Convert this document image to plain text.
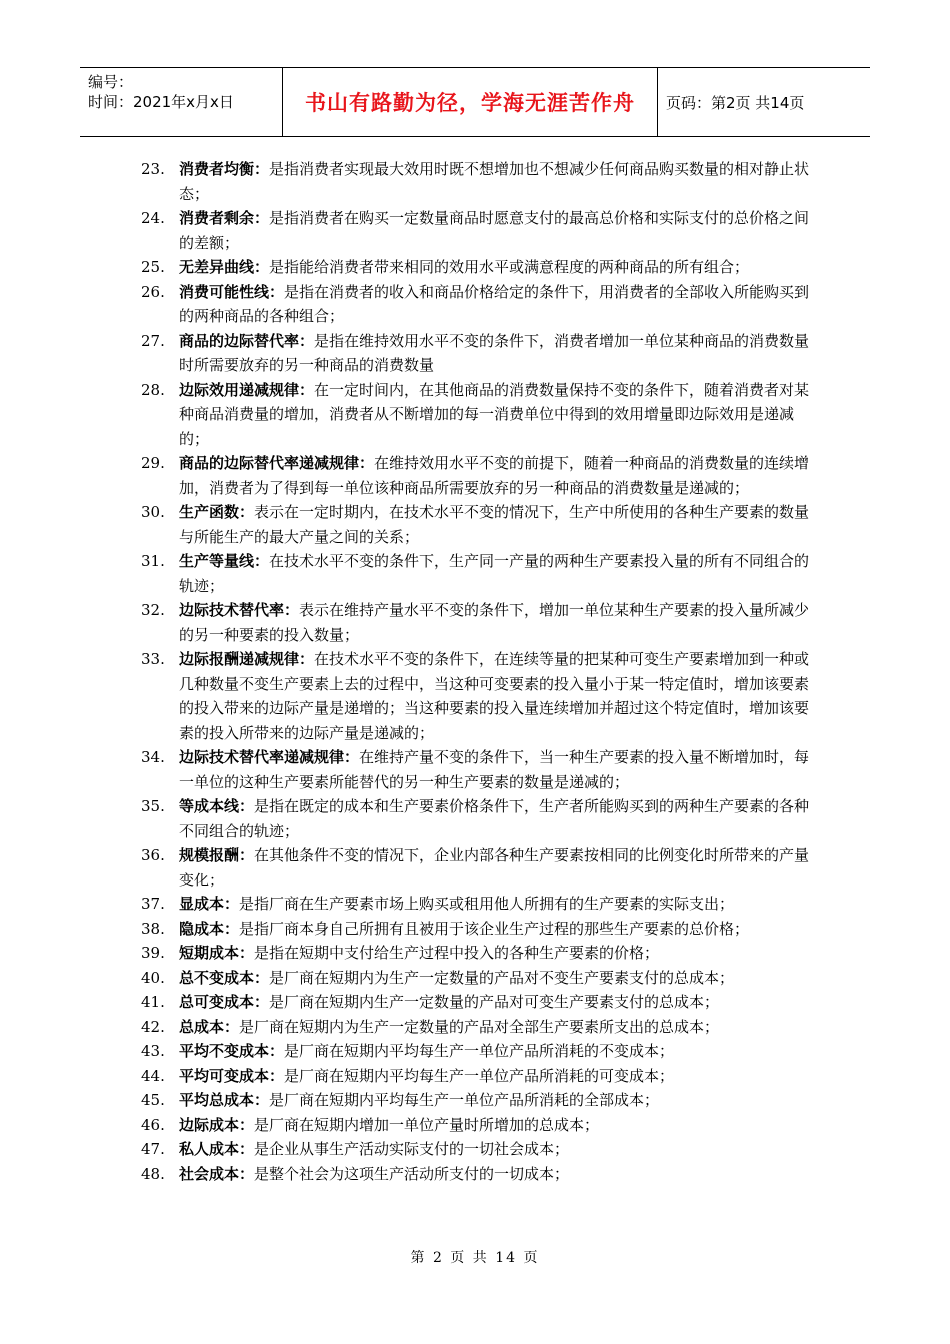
编号：
时间：2021年x月x日	书山有路勤为径，学海无涯苦作舟	页码：第2页 共14页
23. 消费者均衡：是指消费者实现最大效用时既不想增加也不想减少任何商品购买数量的相对静止状态；
24. 消费者剩余：是指消费者在购买一定数量商品时愿意支付的最高总价格和实际支付的总价格之间的差额；
25. 无差异曲线：是指能给消费者带来相同的效用水平或满意程度的两种商品的所有组合；
26. 消费可能性线：是指在消费者的收入和商品价格给定的条件下，用消费者的全部收入所能购买到的两种商品的各种组合；
27. 商品的边际替代率：是指在维持效用水平不变的条件下，消费者增加一单位某种商品的消费数量时所需要放弃的另一种商品的消费数量
28. 边际效用递减规律：在一定时间内，在其他商品的消费数量保持不变的条件下，随着消费者对某种商品消费量的增加，消费者从不断增加的每一消费单位中得到的效用增量即边际效用是递减的；
29. 商品的边际替代率递减规律：在维持效用水平不变的前提下，随着一种商品的消费数量的连续增加，消费者为了得到每一单位该种商品所需要放弃的另一种商品的消费数量是递减的；
30. 生产函数：表示在一定时期内，在技术水平不变的情况下，生产中所使用的各种生产要素的数量与所能生产的最大产量之间的关系；
31. 生产等量线：在技术水平不变的条件下，生产同一产量的两种生产要素投入量的所有不同组合的轨迹；
32. 边际技术替代率：表示在维持产量水平不变的条件下，增加一单位某种生产要素的投入量所减少的另一种要素的投入数量；
33. 边际报酬递减规律：在技术水平不变的条件下，在连续等量的把某种可变生产要素增加到一种或几种数量不变生产要素上去的过程中，当这种可变要素的投入量小于某一特定值时，增加该要素的投入带来的边际产量是递增的；当这种要素的投入量连续增加并超过这个特定值时，增加该要素的投入所带来的边际产量是递减的；
34. 边际技术替代率递减规律：在维持产量不变的条件下，当一种生产要素的投入量不断增加时，每一单位的这种生产要素所能替代的另一种生产要素的数量是递减的；
35. 等成本线：是指在既定的成本和生产要素价格条件下，生产者所能购买到的两种生产要素的各种不同组合的轨迹；
36. 规模报酬：在其他条件不变的情况下，企业内部各种生产要素按相同的比例变化时所带来的产量变化；
37. 显成本：是指厂商在生产要素市场上购买或租用他人所拥有的生产要素的实际支出；
38. 隐成本：是指厂商本身自己所拥有且被用于该企业生产过程的那些生产要素的总价格；
39. 短期成本：是指在短期中支付给生产过程中投入的各种生产要素的价格；
40. 总不变成本：是厂商在短期内为生产一定数量的产品对不变生产要素支付的总成本；
41. 总可变成本：是厂商在短期内生产一定数量的产品对可变生产要素支付的总成本；
42. 总成本：是厂商在短期内为生产一定数量的产品对全部生产要素所支出的总成本；
43. 平均不变成本：是厂商在短期内平均每生产一单位产品所消耗的不变成本；
44. 平均可变成本：是厂商在短期内平均每生产一单位产品所消耗的可变成本；
45. 平均总成本：是厂商在短期内平均每生产一单位产品所消耗的全部成本；
46. 边际成本：是厂商在短期内增加一单位产量时所增加的总成本；
47. 私人成本：是企业从事生产活动实际支付的一切社会成本；
48. 社会成本：是整个社会为这项生产活动所支付的一切成本；
第 2 页 共 14 页
